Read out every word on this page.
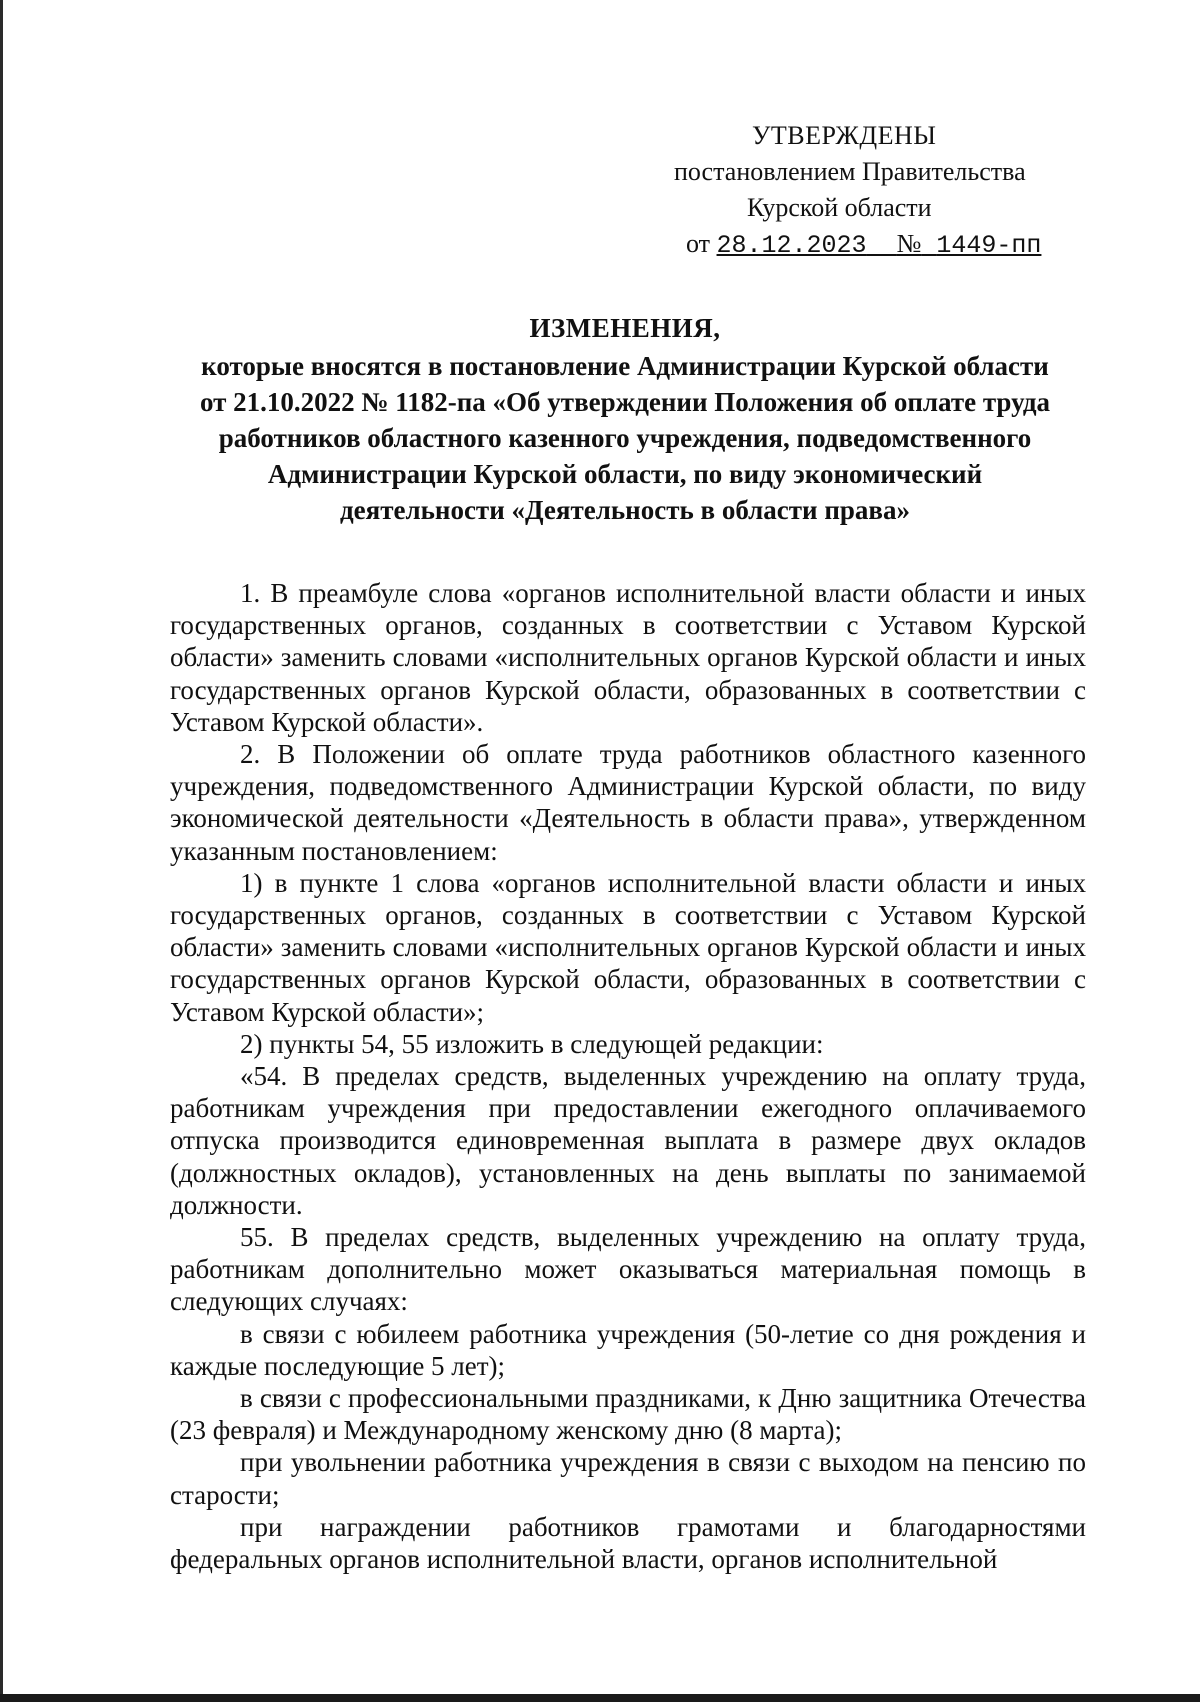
УТВЕРЖДЕНЫ
постановлением Правительства
Курской области
от 28.12.2023 № 1449-пп
ИЗМЕНЕНИЯ,
которые вносятся в постановление Администрации Курской области
от 21.10.2022 № 1182-па «Об утверждении Положения об оплате труда
работников областного казенного учреждения, подведомственного
Администрации Курской области, по виду экономический
деятельности «Деятельность в области права»

1. В преамбуле слова «органов исполнительной власти области и иных государственных органов, созданных в соответствии с Уставом Курской области» заменить словами «исполнительных органов Курской области и иных государственных органов Курской области, образованных в соответствии с Уставом Курской области».

2. В Положении об оплате труда работников областного казенного учреждения, подведомственного Администрации Курской области, по виду экономической деятельности «Деятельность в области права», утвержденном указанным постановлением:

1) в пункте 1 слова «органов исполнительной власти области и иных государственных органов, созданных в соответствии с Уставом Курской области» заменить словами «исполнительных органов Курской области и иных государственных органов Курской области, образованных в соответствии с Уставом Курской области»;

2) пункты 54, 55 изложить в следующей редакции:

«54. В пределах средств, выделенных учреждению на оплату труда, работникам учреждения при предоставлении ежегодного оплачиваемого отпуска производится единовременная выплата в размере двух окладов (должностных окладов), установленных на день выплаты по занимаемой должности.

55. В пределах средств, выделенных учреждению на оплату труда, работникам дополнительно может оказываться материальная помощь в следующих случаях:

в связи с юбилеем работника учреждения (50-летие со дня рождения и каждые последующие 5 лет);

в связи с профессиональными праздниками, к Дню защитника Отечества (23 февраля) и Международному женскому дню (8 марта);

при увольнении работника учреждения в связи с выходом на пенсию по старости;

при награждении работников грамотами и благодарностями федеральных органов исполнительной власти, органов исполнительной
